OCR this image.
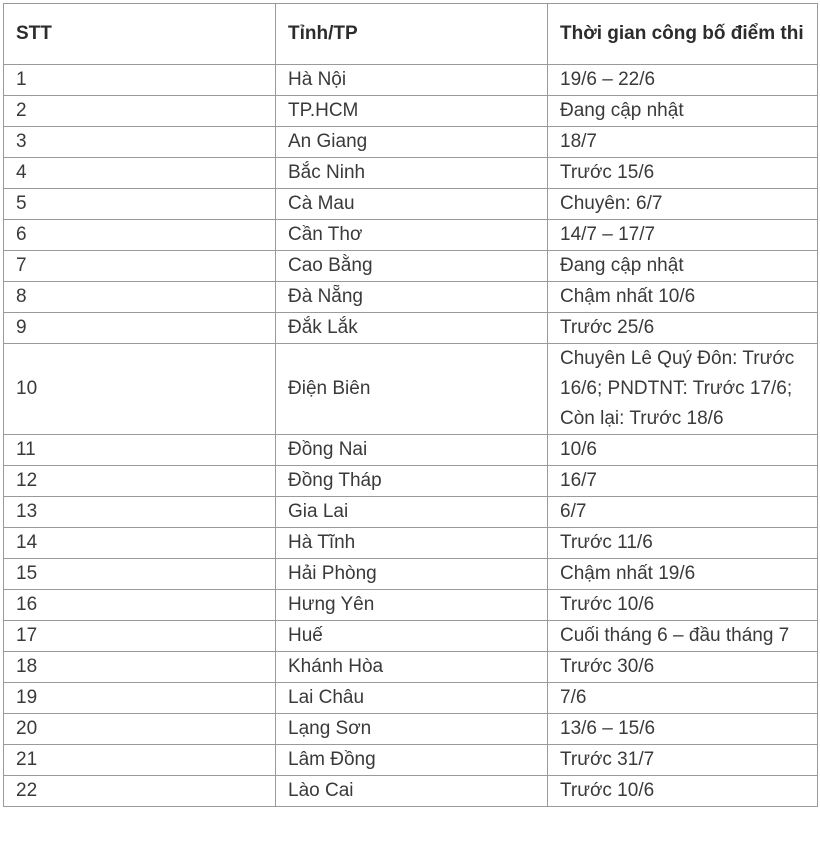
STT	Tỉnh/TP	Thời gian công bố điểm thi
1	Hà Nội	19/6 – 22/6
2	TP.HCM	Đang cập nhật
3	An Giang	18/7
4	Bắc Ninh	Trước 15/6
5	Cà Mau	Chuyên: 6/7
6	Cần Thơ	14/7 – 17/7
7	Cao Bằng	Đang cập nhật
8	Đà Nẵng	Chậm nhất 10/6
9	Đắk Lắk	Trước 25/6
10	Điện Biên	Chuyên Lê Quý Đôn: Trước 16/6; PNDTNT: Trước 17/6; Còn lại: Trước 18/6
11	Đồng Nai	10/6
12	Đồng Tháp	16/7
13	Gia Lai	6/7
14	Hà Tĩnh	Trước 11/6
15	Hải Phòng	Chậm nhất 19/6
16	Hưng Yên	Trước 10/6
17	Huế	Cuối tháng 6 – đầu tháng 7
18	Khánh Hòa	Trước 30/6
19	Lai Châu	7/6
20	Lạng Sơn	13/6 – 15/6
21	Lâm Đồng	Trước 31/7
22	Lào Cai	Trước 10/6
